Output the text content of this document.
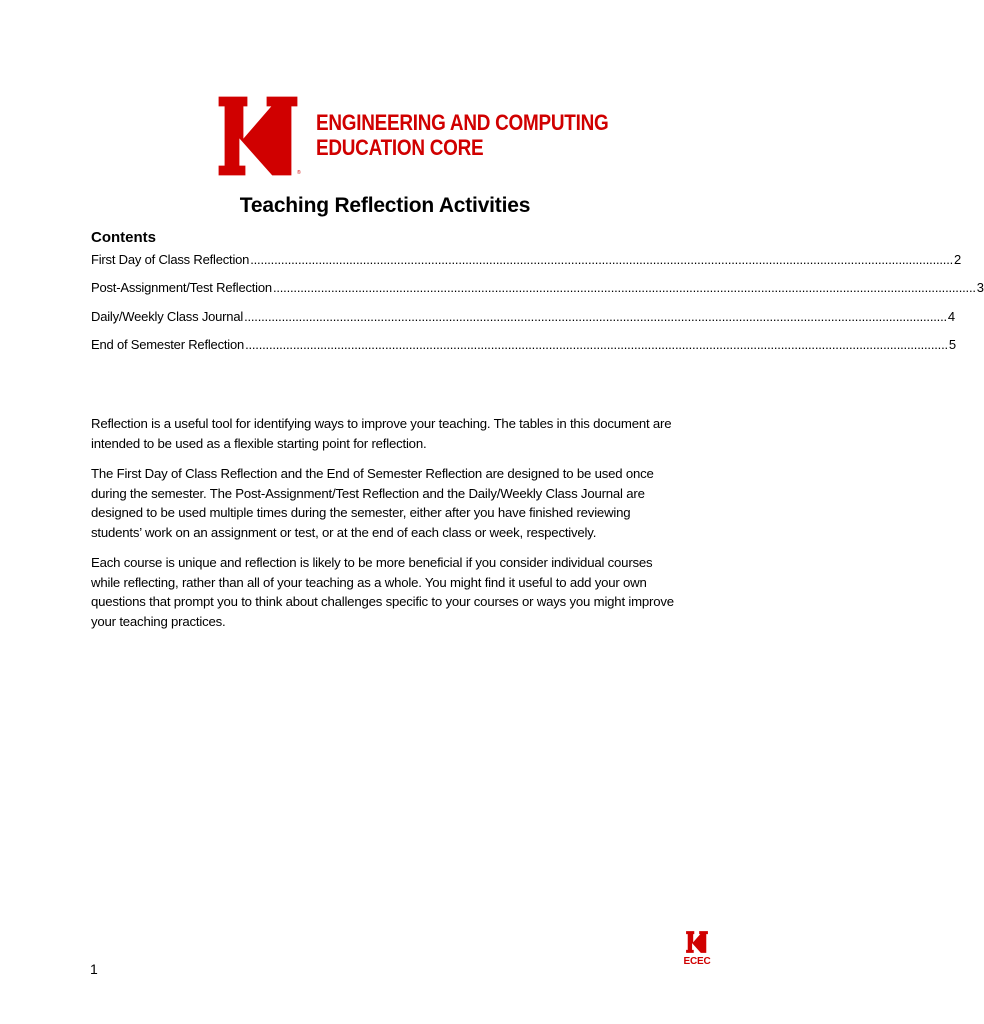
®
ENGINEERING AND COMPUTING
EDUCATION CORE
Teaching Reflection Activities
Contents
First Day of Class Reflection .............................................................................................................................................................................................................. 2
Post-Assignment/Test Reflection .............................................................................................................................................................................................................. 3
Daily/Weekly Class Journal .............................................................................................................................................................................................................. 4
End of Semester Reflection .............................................................................................................................................................................................................. 5

Reflection is a useful tool for identifying ways to improve your teaching. The tables in this document are intended to be used as a flexible starting point for reflection.

The First Day of Class Reflection and the End of Semester Reflection are designed to be used once during the semester. The Post-Assignment/Test Reflection and the Daily/Weekly Class Journal are designed to be used multiple times during the semester, either after you have finished reviewing students’ work on an assignment or test, or at the end of each class or week, respectively.

Each course is unique and reflection is likely to be more beneficial if you consider individual courses while reflecting, rather than all of your teaching as a whole. You might find it useful to add your own questions that prompt you to think about challenges specific to your courses or ways you might improve your teaching practices.

1	ECEC
